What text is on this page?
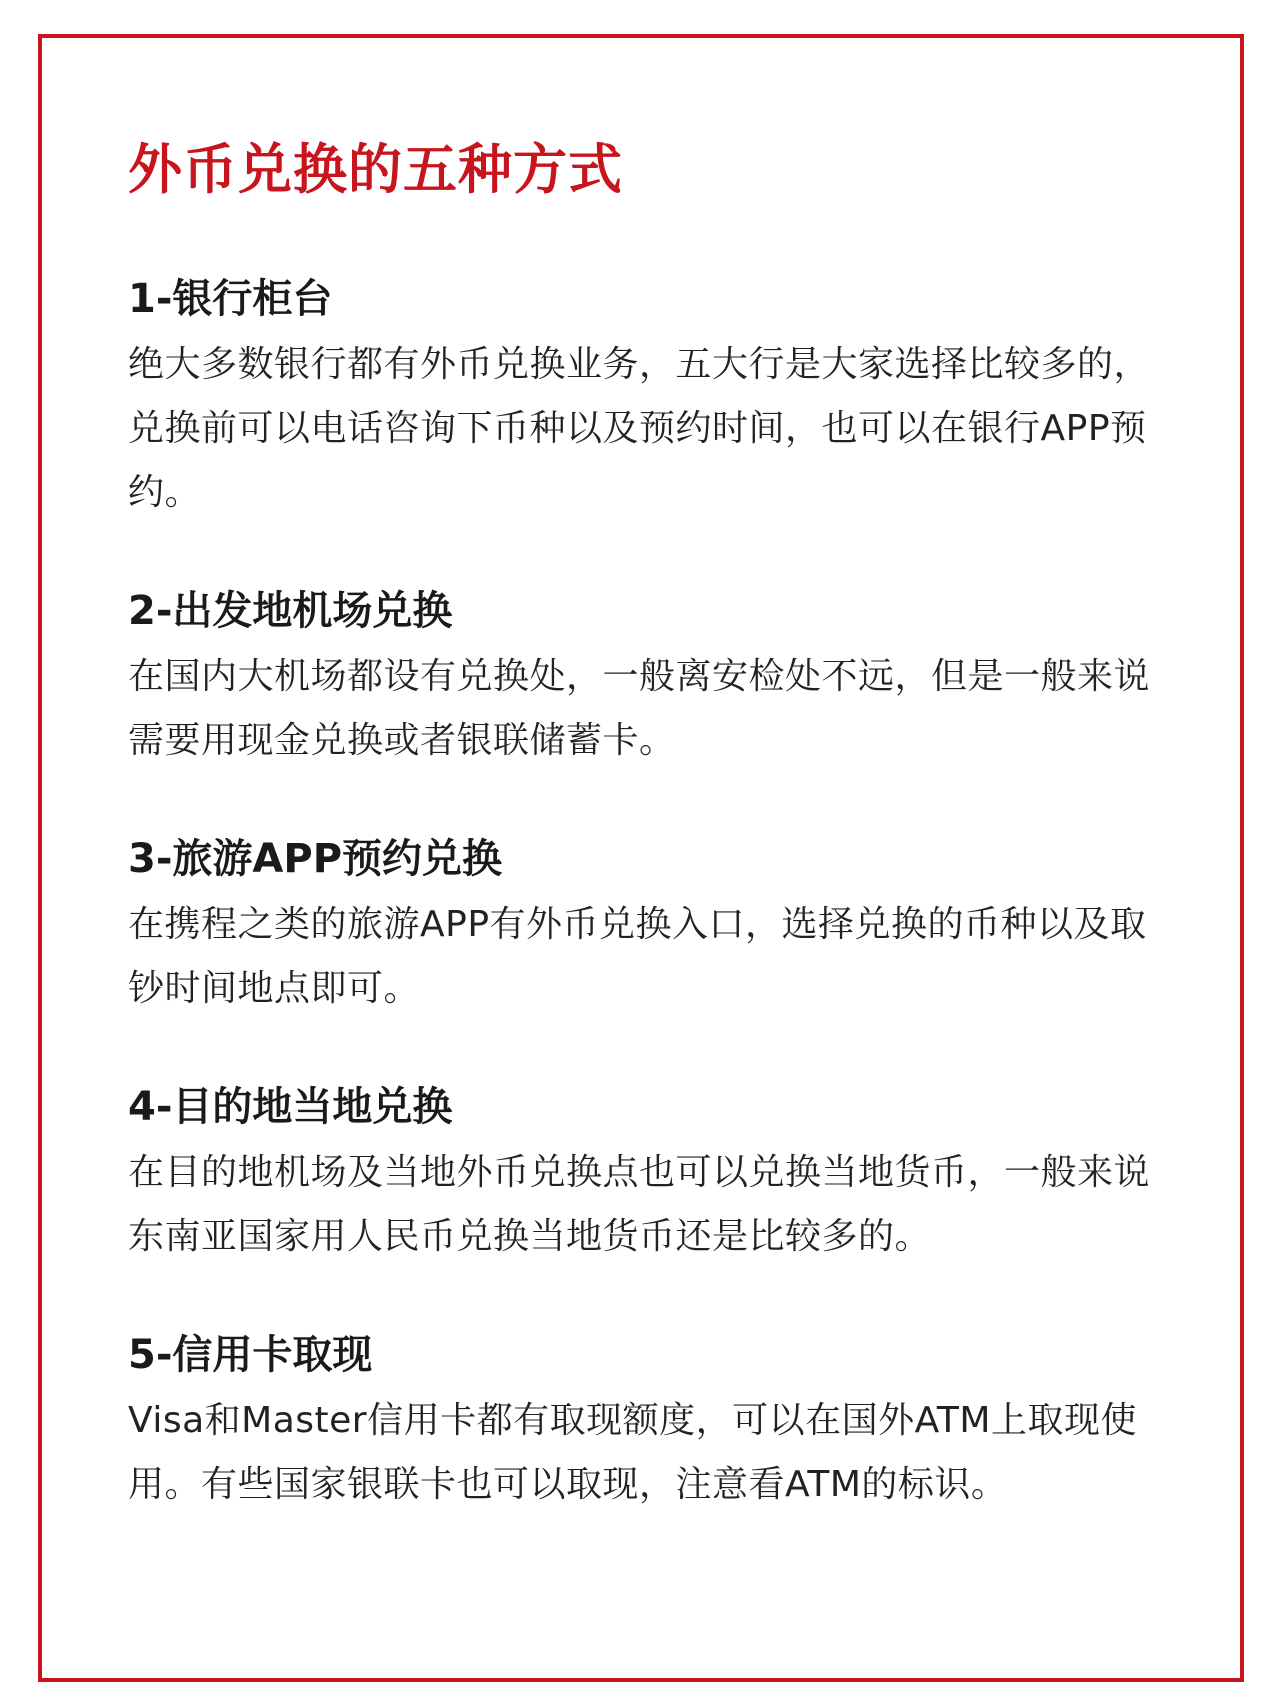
外币兑换的五种方式
1-银行柜台

绝大多数银行都有外币兑换业务，五大行是大家选择比较多的，兑换前可以电话咨询下币种以及预约时间，也可以在银行APP预约。

2-出发地机场兑换

在国内大机场都设有兑换处，一般离安检处不远，但是一般来说需要用现金兑换或者银联储蓄卡。

3-旅游APP预约兑换

在携程之类的旅游APP有外币兑换入口，选择兑换的币种以及取钞时间地点即可。

4-目的地当地兑换

在目的地机场及当地外币兑换点也可以兑换当地货币，一般来说东南亚国家用人民币兑换当地货币还是比较多的。

5-信用卡取现

Visa和Master信用卡都有取现额度，可以在国外ATM上取现使用。有些国家银联卡也可以取现，注意看ATM的标识。
